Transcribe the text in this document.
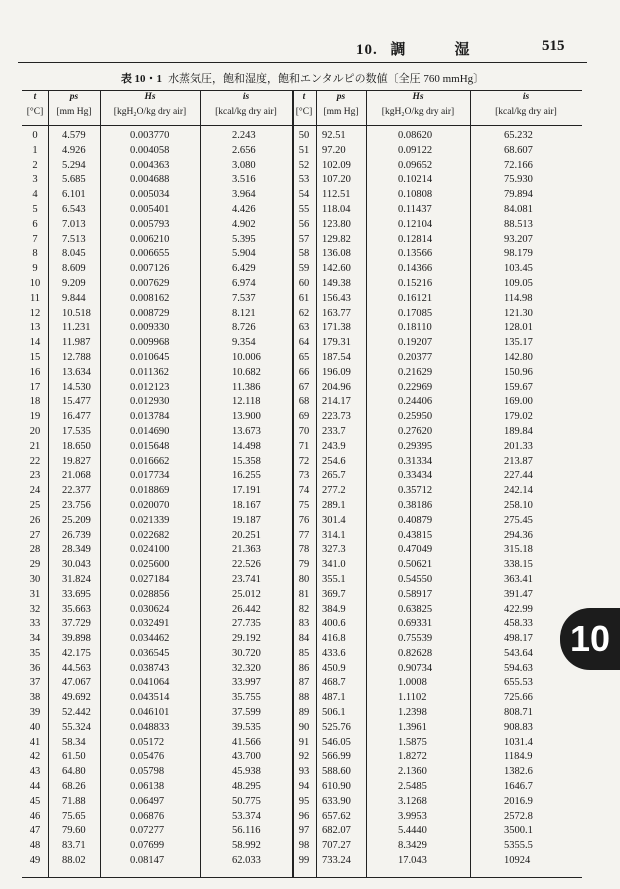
10. 調	湿	515
表 10・1 水蒸気圧，飽和湿度，飽和エンタルピの数値〔全圧 760 mmHg〕
t
[°C]
0
1
2
3
4
5
6
7
8
9
10
11
12
13
14
15
16
17
18
19
20
21
22
23
24
25
26
27
28
29
30
31
32
33
34
35
36
37
38
39
40
41
42
43
44
45
46
47
48
49
ps
[mm Hg]
4.579
4.926
5.294
5.685
6.101
6.543
7.013
7.513
8.045
8.609
9.209
9.844
10.518
11.231
11.987
12.788
13.634
14.530
15.477
16.477
17.535
18.650
19.827
21.068
22.377
23.756
25.209
26.739
28.349
30.043
31.824
33.695
35.663
37.729
39.898
42.175
44.563
47.067
49.692
52.442
55.324
58.34
61.50
64.80
68.26
71.88
75.65
79.60
83.71
88.02
Hs
[kgH₂O/kg dry air]
0.003770
0.004058
0.004363
0.004688
0.005034
0.005401
0.005793
0.006210
0.006655
0.007126
0.007629
0.008162
0.008729
0.009330
0.009968
0.010645
0.011362
0.012123
0.012930
0.013784
0.014690
0.015648
0.016662
0.017734
0.018869
0.020070
0.021339
0.022682
0.024100
0.025600
0.027184
0.028856
0.030624
0.032491
0.034462
0.036545
0.038743
0.041064
0.043514
0.046101
0.048833
0.05172
0.05476
0.05798
0.06138
0.06497
0.06876
0.07277
0.07699
0.08147
is
[kcal/kg dry air]
2.243
2.656
3.080
3.516
3.964
4.426
4.902
5.395
5.904
6.429
6.974
7.537
8.121
8.726
9.354
10.006
10.682
11.386
12.118
13.900
13.673
14.498
15.358
16.255
17.191
18.167
19.187
20.251
21.363
22.526
23.741
25.012
26.442
27.735
29.192
30.720
32.320
33.997
35.755
37.599
39.535
41.566
43.700
45.938
48.295
50.775
53.374
56.116
58.992
62.033
t
[°C]
50
51
52
53
54
55
56
57
58
59
60
61
62
63
64
65
66
67
68
69
70
71
72
73
74
75
76
77
78
79
80
81
82
83
84
85
86
87
88
89
90
91
92
93
94
95
96
97
98
99
ps
[mm Hg]
92.51
97.20
102.09
107.20
112.51
118.04
123.80
129.82
136.08
142.60
149.38
156.43
163.77
171.38
179.31
187.54
196.09
204.96
214.17
223.73
233.7
243.9
254.6
265.7
277.2
289.1
301.4
314.1
327.3
341.0
355.1
369.7
384.9
400.6
416.8
433.6
450.9
468.7
487.1
506.1
525.76
546.05
566.99
588.60
610.90
633.90
657.62
682.07
707.27
733.24
Hs
[kgH₂O/kg dry air]
0.08620
0.09122
0.09652
0.10214
0.10808
0.11437
0.12104
0.12814
0.13566
0.14366
0.15216
0.16121
0.17085
0.18110
0.19207
0.20377
0.21629
0.22969
0.24406
0.25950
0.27620
0.29395
0.31334
0.33434
0.35712
0.38186
0.40879
0.43815
0.47049
0.50621
0.54550
0.58917
0.63825
0.69331
0.75539
0.82628
0.90734
1.0008
1.1102
1.2398
1.3961
1.5875
1.8272
2.1360
2.5485
3.1268
3.9953
5.4440
8.3429
17.043
is
[kcal/kg dry air]
65.232
68.607
72.166
75.930
79.894
84.081
88.513
93.207
98.179
103.45
109.05
114.98
121.30
128.01
135.17
142.80
150.96
159.67
169.00
179.02
189.84
201.33
213.87
227.44
242.14
258.10
275.45
294.36
315.18
338.15
363.41
391.47
422.99
458.33
498.17
543.64
594.63
655.53
725.66
808.71
908.83
1031.4
1184.9
1382.6
1646.7
2016.9
2572.8
3500.1
5355.5
10924
10
